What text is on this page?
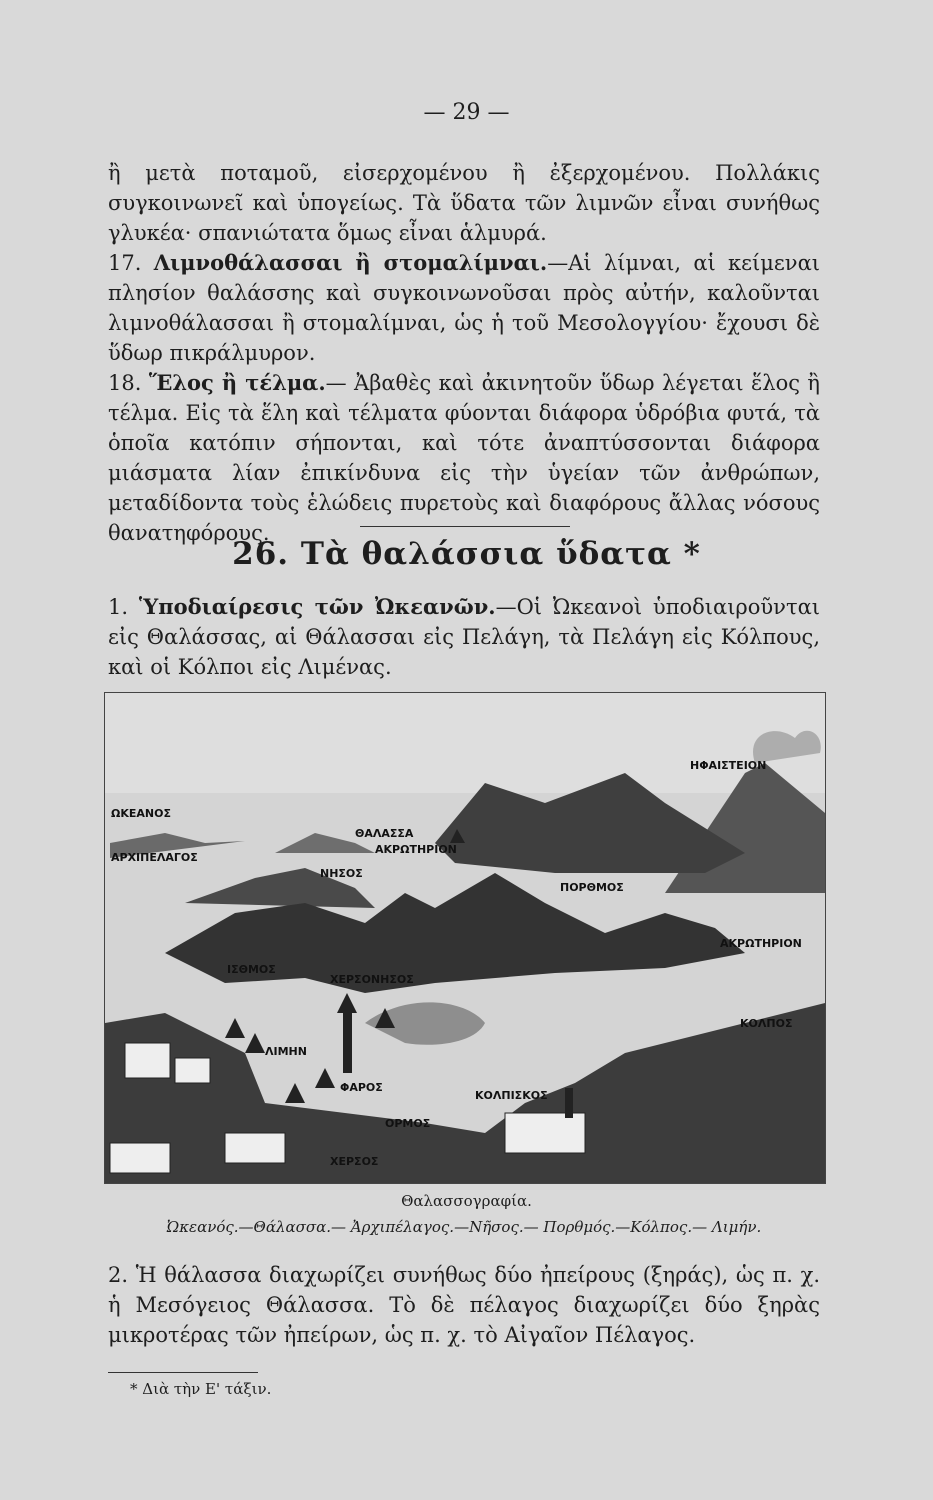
— 29 —

ἢ μετὰ ποταμοῦ, εἰσερχομένου ἢ ἐξερχομένου. Πολλάκις συγκοινωνεῖ καὶ ὑπογείως. Τὰ ὕδατα τῶν λιμνῶν εἶναι συνήθως γλυκέα· σπανιώτατα ὅμως εἶναι ἁλμυρά.

17. Λιμνοθάλασσαι ἢ στομαλίμναι.—Αἱ λίμναι, αἱ κείμεναι πλησίον θαλάσσης καὶ συγκοινωνοῦσαι πρὸς αὐτήν, καλοῦνται λιμνοθάλασσαι ἢ στομαλίμναι, ὡς ἡ τοῦ Μεσολογγίου· ἔχουσι δὲ ὕδωρ πικράλμυρον.

18. Ἕλος ἢ τέλμα.— Ἀβαθὲς καὶ ἀκινητοῦν ὕδωρ λέγεται ἕλος ἢ τέλμα. Εἰς τὰ ἕλη καὶ τέλματα φύονται διάφορα ὑδρόβια φυτά, τὰ ὁποῖα κατόπιν σήπονται, καὶ τότε ἀναπτύσσονται διάφορα μιάσματα λίαν ἐπικίνδυνα εἰς τὴν ὑγείαν τῶν ἀνθρώπων, μεταδίδοντα τοὺς ἑλώδεις πυρετοὺς καὶ διαφόρους ἄλλας νόσους θανατηφόρους.

26. Τὰ θαλάσσια ὕδατα *

1. Ὑποδιαίρεσις τῶν Ὠκεανῶν.—Οἱ Ὠκεανοὶ ὑποδιαιροῦνται εἰς Θαλάσσας, αἱ Θάλασσαι εἰς Πελάγη, τὰ Πελάγη εἰς Κόλπους, καὶ οἱ Κόλποι εἰς Λιμένας.

ΗΦΑΙΣΤΕΙΟΝ
ΩΚΕΑΝΟΣ
ΘΑΛΑΣΣΑ
ΑΡΧΙΠΕΛΑΓΟΣ
ΑΚΡΩΤΗΡΙΟΝ
ΝΗΣΟΣ
ΠΟΡΘΜΟΣ
ΑΚΡΩΤΗΡΙΟΝ
ΙΣΘΜΟΣ
ΧΕΡΣΟΝΗΣΟΣ
ΚΟΛΠΟΣ
ΛΙΜΗΝ
ΦΑΡΟΣ
ΚΟΛΠΙΣΚΟΣ
ΟΡΜΟΣ
ΧΕΡΣΟΣ
Θαλασσογραφία.
Ὠκεανός.—Θάλασσα.— Ἀρχιπέλαγος.—Νῆσος.— Πορθμός.—Κόλπος.— Λιμήν.

2. Ἡ θάλασσα διαχωρίζει συνήθως δύο ἠπείρους (ξηράς), ὡς π. χ. ἡ Μεσόγειος Θάλασσα. Τὸ δὲ πέλαγος διαχωρίζει δύο ξηρὰς μικροτέρας τῶν ἠπείρων, ὡς π. χ. τὸ Αἰγαῖον Πέλαγος.

* Διὰ τὴν Ε' τάξιν.
